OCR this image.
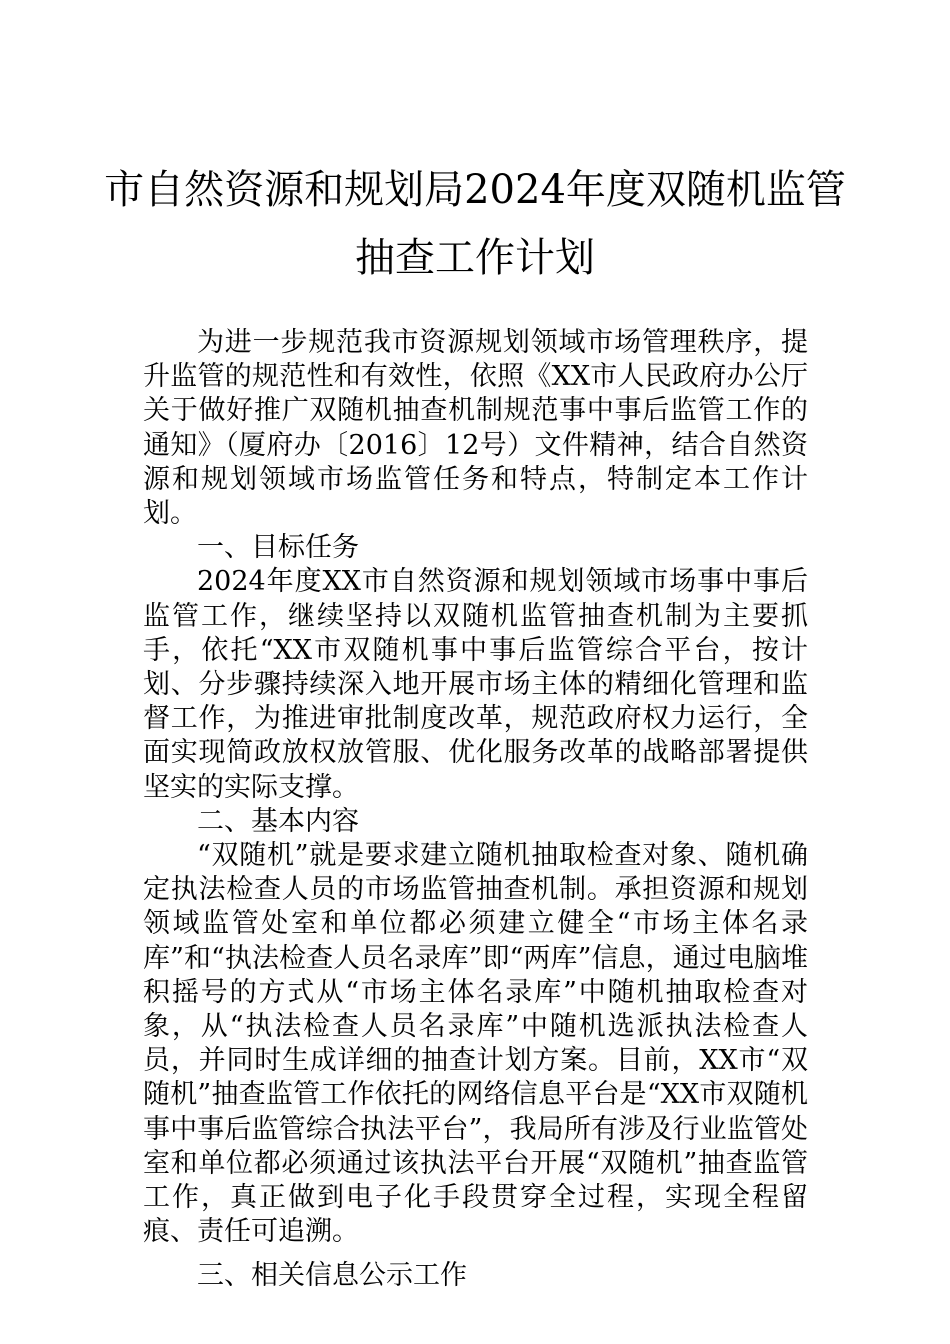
市自然资源和规划局2024年度双随机监管
抽查工作计划

为进一步规范我市资源规划领域市场管理秩序，提升监管的规范性和有效性，依照《XX市人民政府办公厅关于做好推广双随机抽查机制规范事中事后监管工作的通知》（厦府办〔2016〕12号）文件精神，结合自然资源和规划领域市场监管任务和特点，特制定本工作计划。

一、目标任务

2024年度XX市自然资源和规划领域市场事中事后监管工作，继续坚持以双随机监管抽查机制为主要抓手，依托“XX市双随机事中事后监管综合平台，按计划、分步骤持续深入地开展市场主体的精细化管理和监督工作，为推进审批制度改革，规范政府权力运行，全面实现简政放权放管服、优化服务改革的战略部署提供坚实的实际支撑。

二、基本内容

“双随机”就是要求建立随机抽取检查对象、随机确定执法检查人员的市场监管抽查机制。承担资源和规划领域监管处室和单位都必须建立健全“市场主体名录库”和“执法检查人员名录库”即“两库”信息，通过电脑堆积摇号的方式从“市场主体名录库”中随机抽取检查对象，从“执法检查人员名录库”中随机选派执法检查人员，并同时生成详细的抽查计划方案。目前，XX市“双随机”抽查监管工作依托的网络信息平台是“XX市双随机事中事后监管综合执法平台”，我局所有涉及行业监管处室和单位都必须通过该执法平台开展“双随机”抽查监管工作，真正做到电子化手段贯穿全过程，实现全程留痕、责任可追溯。

三、相关信息公示工作
